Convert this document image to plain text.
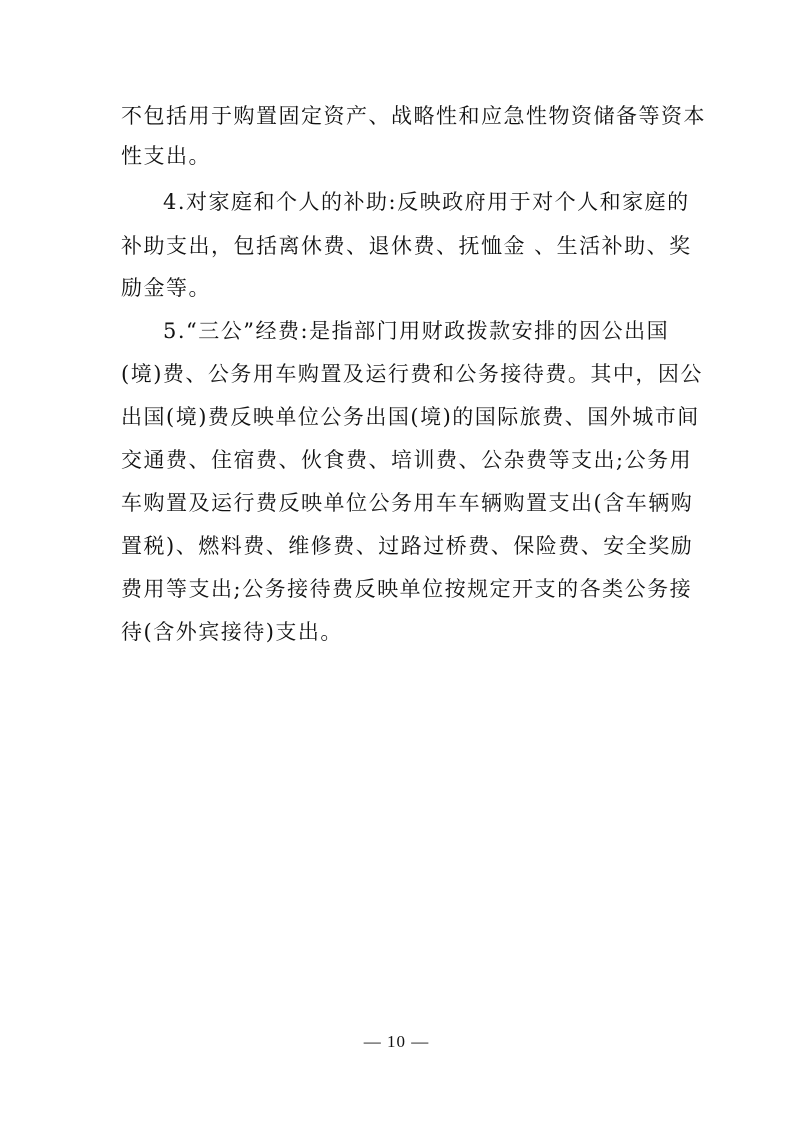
不包括用于购置固定资产、战略性和应急性物资储备等资本
性支出。
4.对家庭和个人的补助:反映政府用于对个人和家庭的
补助支出，包括离休费、退休费、抚恤金 、生活补助、奖
励金等。
5.“三公”经费:是指部门用财政拨款安排的因公出国
(境)费、公务用车购置及运行费和公务接待费。其中，因公
出国(境)费反映单位公务出国(境)的国际旅费、国外城市间
交通费、住宿费、伙食费、培训费、公杂费等支出;公务用
车购置及运行费反映单位公务用车车辆购置支出(含车辆购
置税)、燃料费、维修费、过路过桥费、保险费、安全奖励
费用等支出;公务接待费反映单位按规定开支的各类公务接
待(含外宾接待)支出。
— 10 —
